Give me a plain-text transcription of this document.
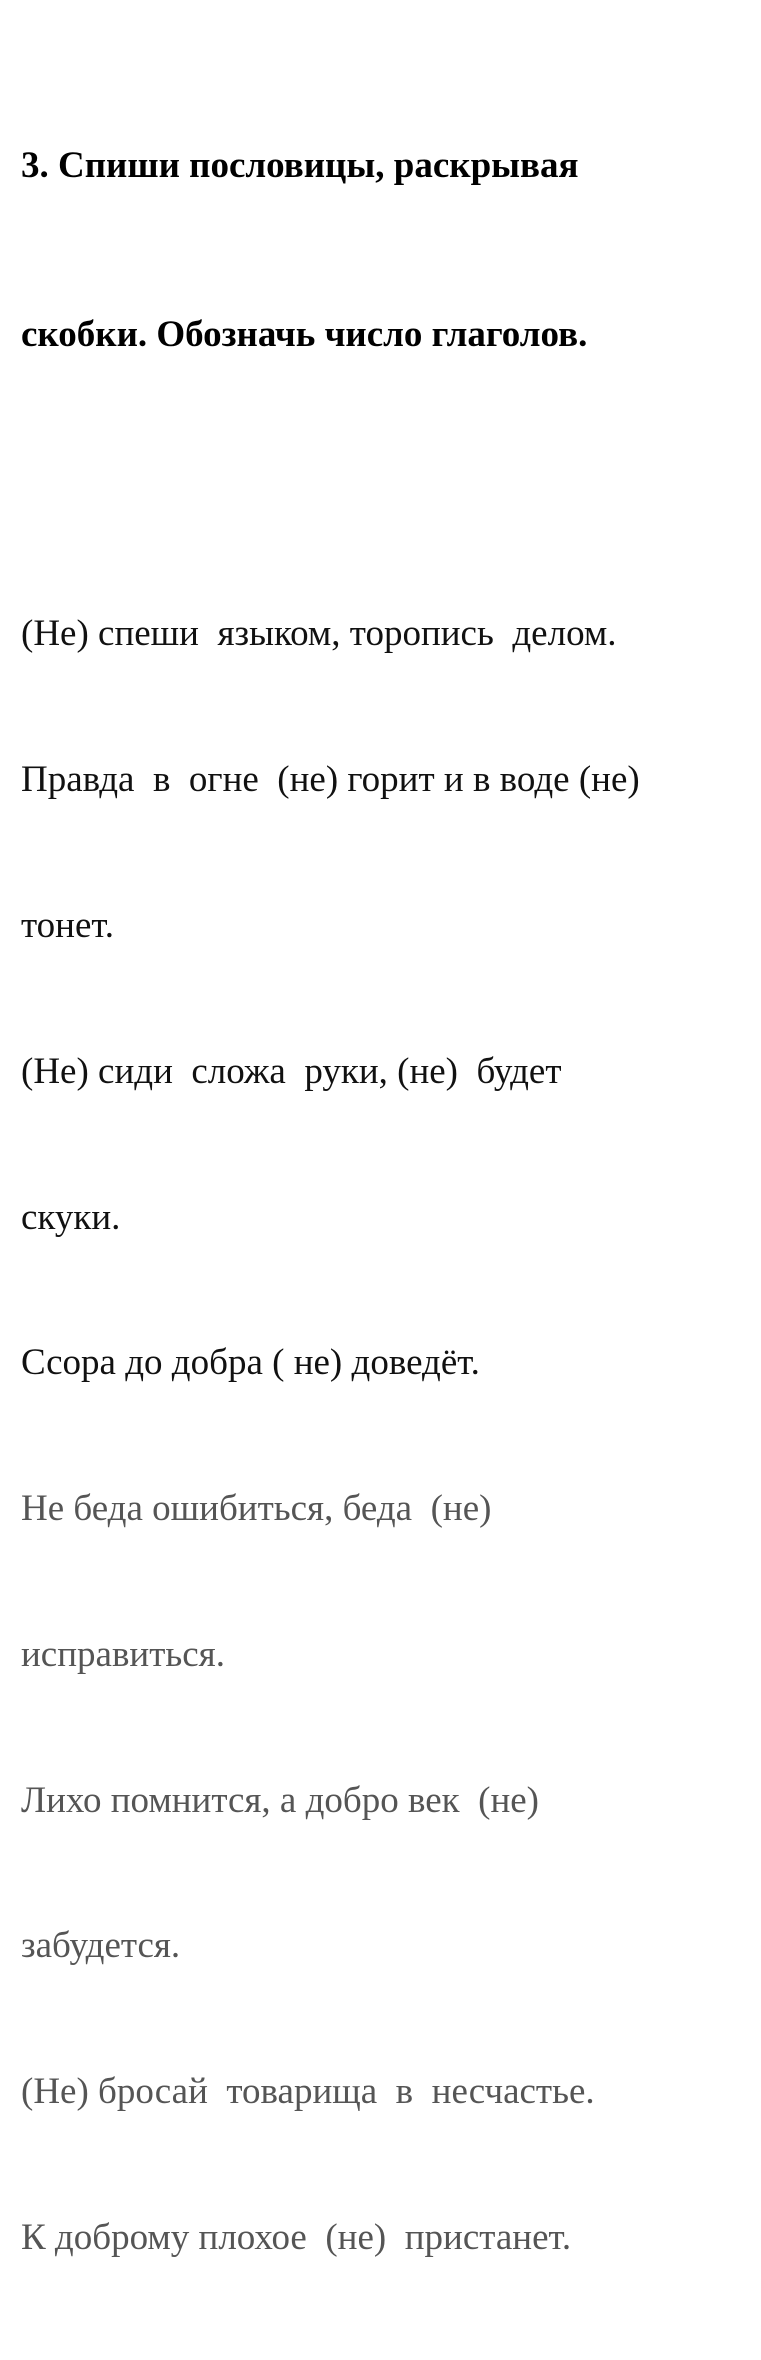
3. Спиши пословицы, раскрывая

скобки. Обозначь число глаголов.

(Не) спеши  языком, торопись  делом.

Правда  в  огне  (не) горит и в воде (не)

тонет.

(Не) сиди  сложа  руки, (не)  будет

скуки.

Ссора до добра ( не) доведёт.

Не беда ошибиться, беда  (не)

исправиться.

Лихо помнится, а добро век  (не)

забудется.

(Не) бросай  товарища  в  несчастье.

К доброму плохое  (не)  пристанет.
